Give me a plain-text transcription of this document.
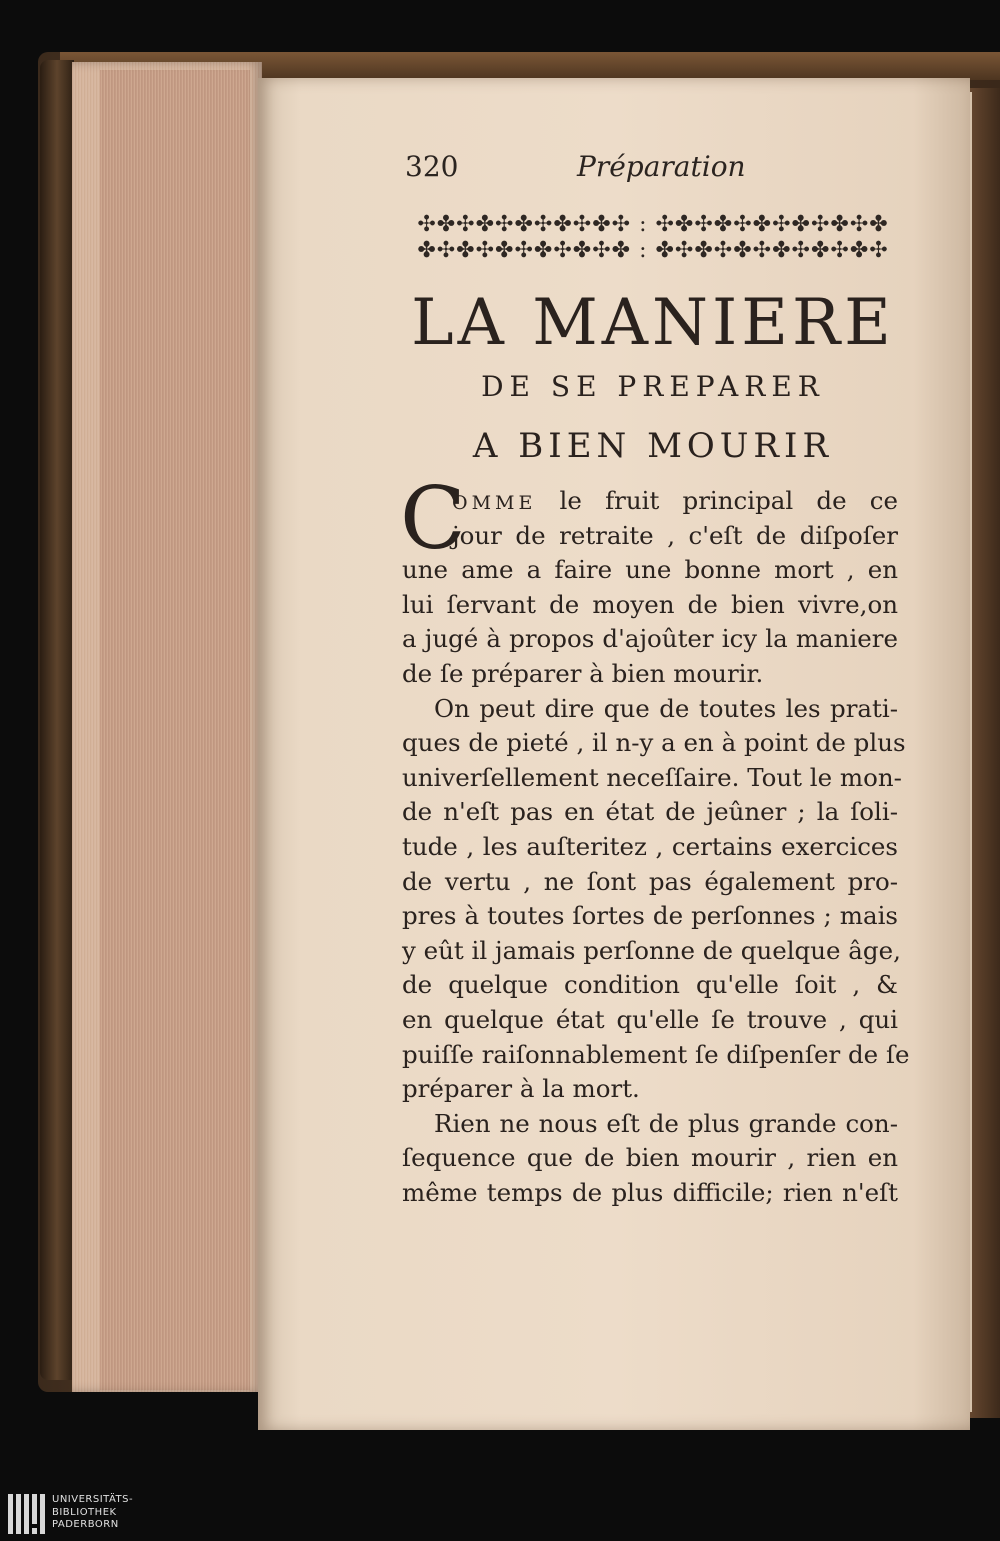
320	Préparation
✣✤✣✤✣✤✣✤✣✤✣ : ✣✤✣✤✣✤✣✤✣✤✣✤
✤✣✤✣✤✣✤✣✤✣✤ : ✤✣✤✣✤✣✤✣✤✣✤✣
LA MANIERE
DE SE PREPARER
A BIEN MOURIR
C
OMME le fruit principal de ce
jour de retraite , c'eſt de diſpoſer
une ame a faire une bonne mort , en
lui ſervant de moyen de bien vivre,on
a jugé à propos d'ajoûter icy la maniere
de ſe préparer à bien mourir.
On peut dire que de toutes les prati-
ques de pieté , il n-y a en à point de plus
univerſellement neceſſaire. Tout le mon-
de n'eſt pas en état de jeûner ; la ſoli-
tude , les auſteritez , certains exercices
de vertu , ne ſont pas également pro-
pres à toutes ſortes de perſonnes ; mais
y eût il jamais perſonne de quelque âge,
de quelque condition qu'elle ſoit , &
en quelque état qu'elle ſe trouve , qui
puiſſe raiſonnablement ſe diſpenſer de ſe
préparer à la mort.
Rien ne nous eſt de plus grande con-
ſequence que de bien mourir , rien en
même temps de plus difficile; rien n'eſt
UNIVERSITÄTS-
BIBLIOTHEK
PADERBORN
